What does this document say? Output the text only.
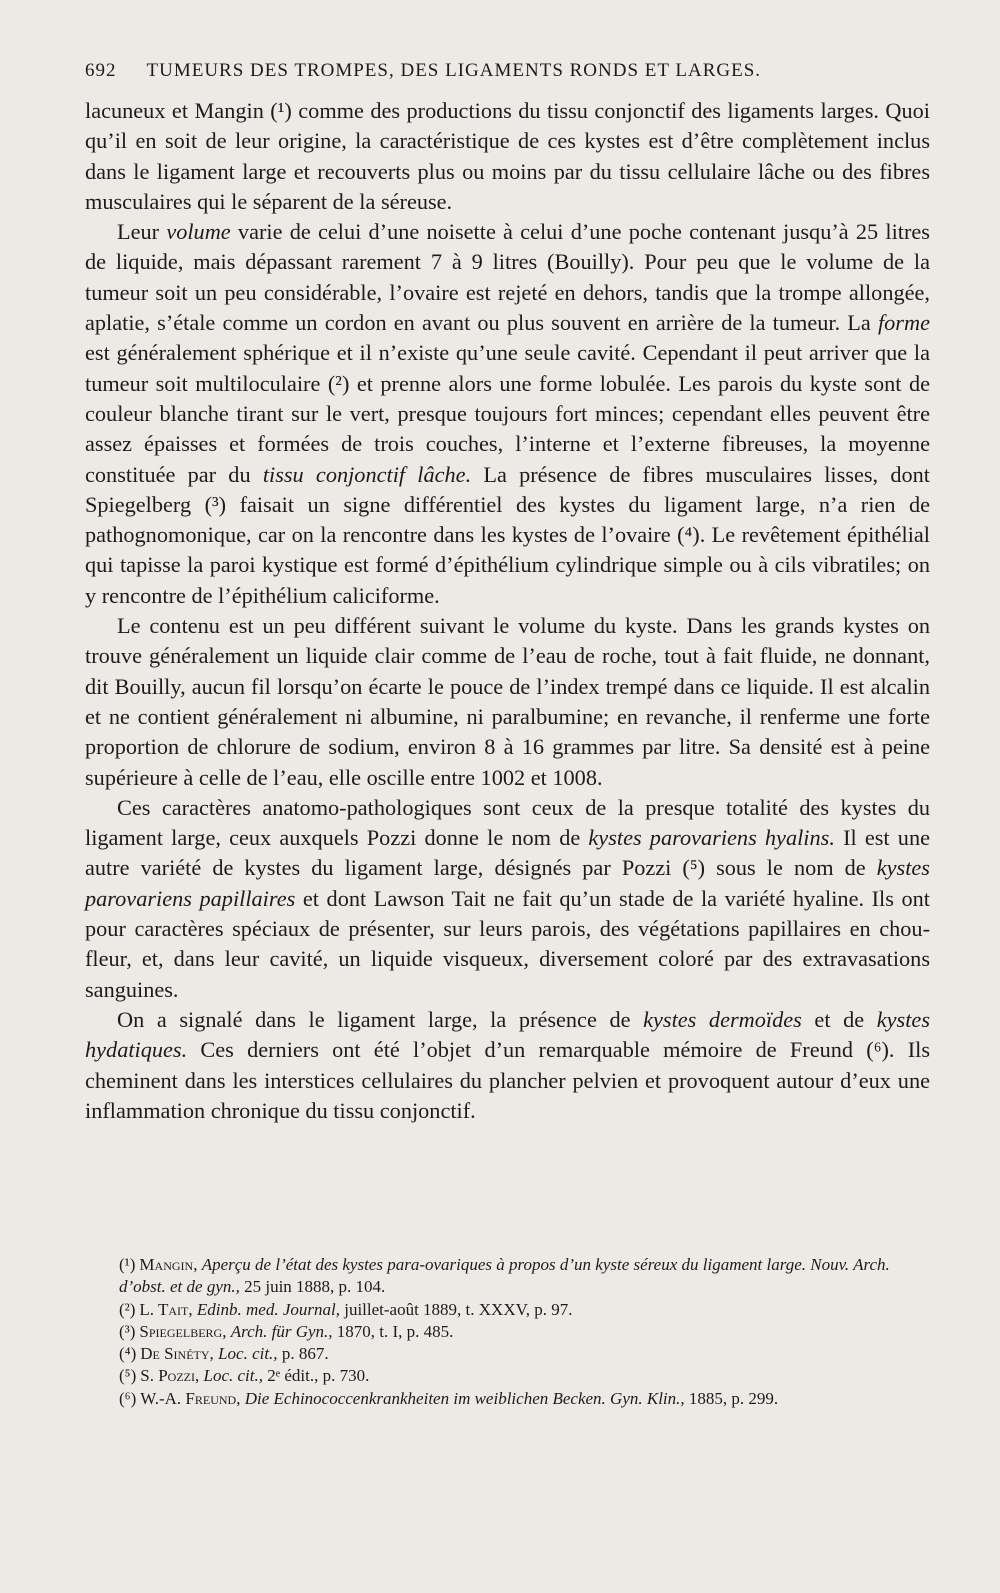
692 TUMEURS DES TROMPES, DES LIGAMENTS RONDS ET LARGES.

lacuneux et Mangin (¹) comme des productions du tissu conjonctif des ligaments larges. Quoi qu’il en soit de leur origine, la caractéristique de ces kystes est d’être complètement inclus dans le ligament large et recouverts plus ou moins par du tissu cellulaire lâche ou des fibres musculaires qui le séparent de la séreuse.

Leur volume varie de celui d’une noisette à celui d’une poche contenant jusqu’à 25 litres de liquide, mais dépassant rarement 7 à 9 litres (Bouilly). Pour peu que le volume de la tumeur soit un peu considérable, l’ovaire est rejeté en dehors, tandis que la trompe allongée, aplatie, s’étale comme un cordon en avant ou plus souvent en arrière de la tumeur. La forme est généralement sphérique et il n’existe qu’une seule cavité. Cependant il peut arriver que la tumeur soit multiloculaire (²) et prenne alors une forme lobulée. Les parois du kyste sont de couleur blanche tirant sur le vert, presque toujours fort minces; cependant elles peuvent être assez épaisses et formées de trois couches, l’interne et l’externe fibreuses, la moyenne constituée par du tissu conjonctif lâche. La présence de fibres musculaires lisses, dont Spiegelberg (³) faisait un signe différentiel des kystes du ligament large, n’a rien de pathognomonique, car on la rencontre dans les kystes de l’ovaire (⁴). Le revêtement épithélial qui tapisse la paroi kystique est formé d’épithélium cylindrique simple ou à cils vibratiles; on y rencontre de l’épithélium caliciforme.

Le contenu est un peu différent suivant le volume du kyste. Dans les grands kystes on trouve généralement un liquide clair comme de l’eau de roche, tout à fait fluide, ne donnant, dit Bouilly, aucun fil lorsqu’on écarte le pouce de l’index trempé dans ce liquide. Il est alcalin et ne contient généralement ni albumine, ni paralbumine; en revanche, il renferme une forte proportion de chlorure de sodium, environ 8 à 16 grammes par litre. Sa densité est à peine supérieure à celle de l’eau, elle oscille entre 1002 et 1008.

Ces caractères anatomo-pathologiques sont ceux de la presque totalité des kystes du ligament large, ceux auxquels Pozzi donne le nom de kystes parovariens hyalins. Il est une autre variété de kystes du ligament large, désignés par Pozzi (⁵) sous le nom de kystes parovariens papillaires et dont Lawson Tait ne fait qu’un stade de la variété hyaline. Ils ont pour caractères spéciaux de présenter, sur leurs parois, des végétations papillaires en chou-fleur, et, dans leur cavité, un liquide visqueux, diversement coloré par des extravasations sanguines.

On a signalé dans le ligament large, la présence de kystes dermoïdes et de kystes hydatiques. Ces derniers ont été l’objet d’un remarquable mémoire de Freund (⁶). Ils cheminent dans les interstices cellulaires du plancher pelvien et provoquent autour d’eux une inflammation chronique du tissu conjonctif.

(¹) Mangin, Aperçu de l’état des kystes para-ovariques à propos d’un kyste séreux du ligament large. Nouv. Arch. d’obst. et de gyn., 25 juin 1888, p. 104.

(²) L. Tait, Edinb. med. Journal, juillet-août 1889, t. XXXV, p. 97.

(³) Spiegelberg, Arch. für Gyn., 1870, t. I, p. 485.

(⁴) De Sinéty, Loc. cit., p. 867.

(⁵) S. Pozzi, Loc. cit., 2ᵉ édit., p. 730.

(⁶) W.-A. Freund, Die Echinococcenkrankheiten im weiblichen Becken. Gyn. Klin., 1885, p. 299.
